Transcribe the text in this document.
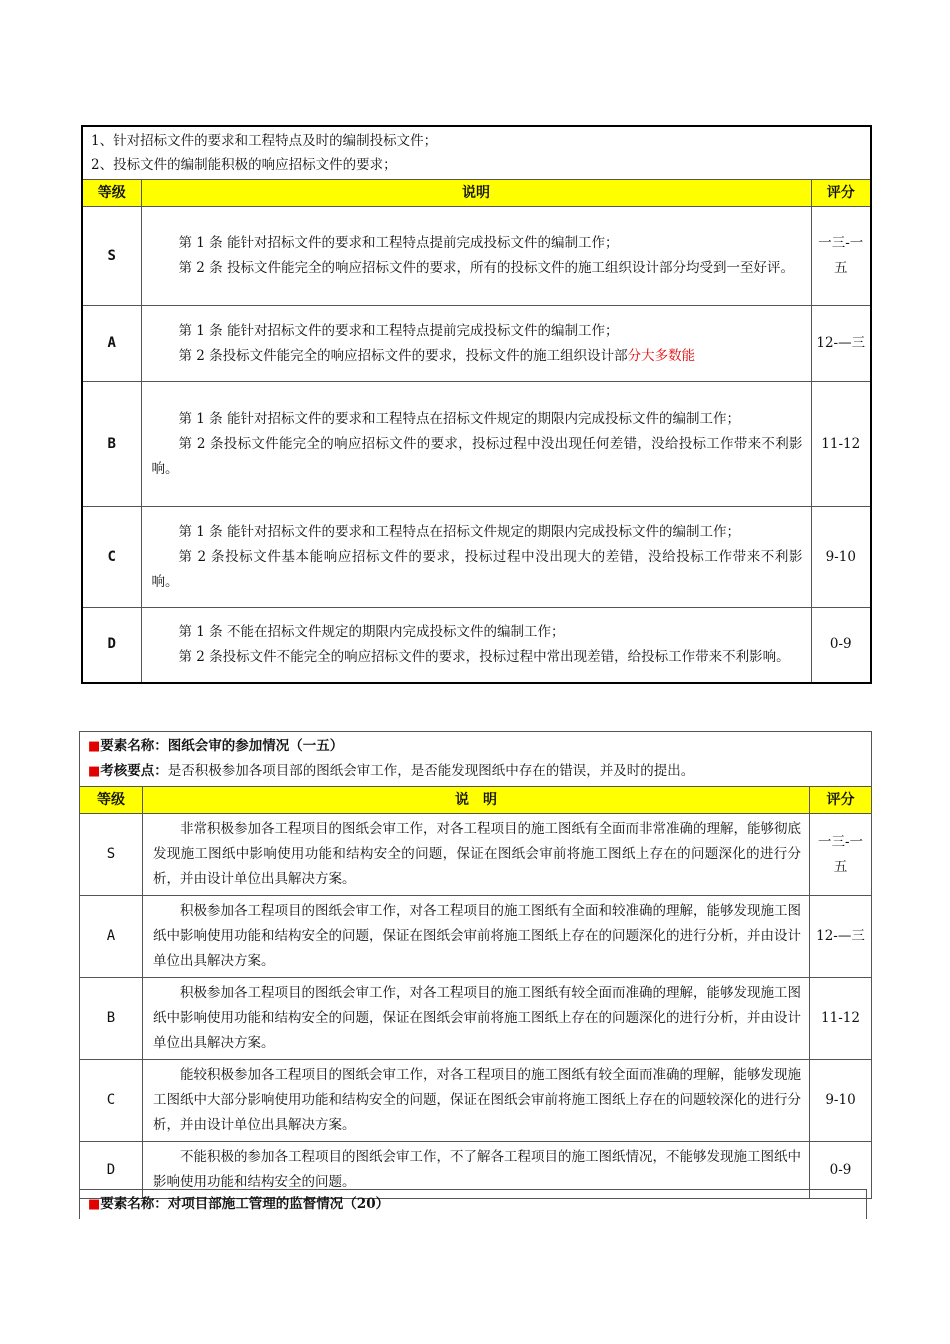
1、针对招标文件的要求和工程特点及时的编制投标文件；
2、投标文件的编制能积极的响应招标文件的要求；		

等级	说明	评分
S	第 1 条 能针对招标文件的要求和工程特点提前完成投标文件的编制工作；

第 2 条 投标文件能完全的响应招标文件的要求，所有的投标文件的施工组织设计部分均受到一至好评。	一三-一五
A	第 1 条 能针对招标文件的要求和工程特点提前完成投标文件的编制工作；

第 2 条投标文件能完全的响应招标文件的要求，投标文件的施工组织设计部分大多数能	12-—三
B	第 1 条 能针对招标文件的要求和工程特点在招标文件规定的期限内完成投标文件的编制工作；

第 2 条投标文件能完全的响应招标文件的要求，投标过程中没出现任何差错，没给投标工作带来不利影响。	11-12
C	第 1 条 能针对招标文件的要求和工程特点在招标文件规定的期限内完成投标文件的编制工作；

第 2 条投标文件基本能响应招标文件的要求，投标过程中没出现大的差错，没给投标工作带来不利影响。	9-10
D	第 1 条 不能在招标文件规定的期限内完成投标文件的编制工作；

第 2 条投标文件不能完全的响应招标文件的要求，投标过程中常出现差错，给投标工作带来不利影响。	0-9
■要素名称：图纸会审的参加情况（一五）
■考核要点：是否积极参加各项目部的图纸会审工作，是否能发现图纸中存在的错误，并及时的提出。		

等级	说　明	评分
S	非常积极参加各工程项目的图纸会审工作，对各工程项目的施工图纸有全面而非常准确的理解，能够彻底发现施工图纸中影响使用功能和结构安全的问题，保证在图纸会审前将施工图纸上存在的问题深化的进行分析，并由设计单位出具解决方案。	一三-一五
A	积极参加各工程项目的图纸会审工作，对各工程项目的施工图纸有全面和较准确的理解，能够发现施工图纸中影响使用功能和结构安全的问题，保证在图纸会审前将施工图纸上存在的问题深化的进行分析，并由设计单位出具解决方案。	12-—三
B	积极参加各工程项目的图纸会审工作，对各工程项目的施工图纸有较全面而准确的理解，能够发现施工图纸中影响使用功能和结构安全的问题，保证在图纸会审前将施工图纸上存在的问题深化的进行分析，并由设计单位出具解决方案。	11-12
C	能较积极参加各工程项目的图纸会审工作，对各工程项目的施工图纸有较全面而准确的理解，能够发现施工图纸中大部分影响使用功能和结构安全的问题，保证在图纸会审前将施工图纸上存在的问题较深化的进行分析，并由设计单位出具解决方案。	9-10
D	不能积极的参加各工程项目的图纸会审工作，不了解各工程项目的施工图纸情况，不能够发现施工图纸中影响使用功能和结构安全的问题。	0-9
■要素名称：对项目部施工管理的监督情况（20）
